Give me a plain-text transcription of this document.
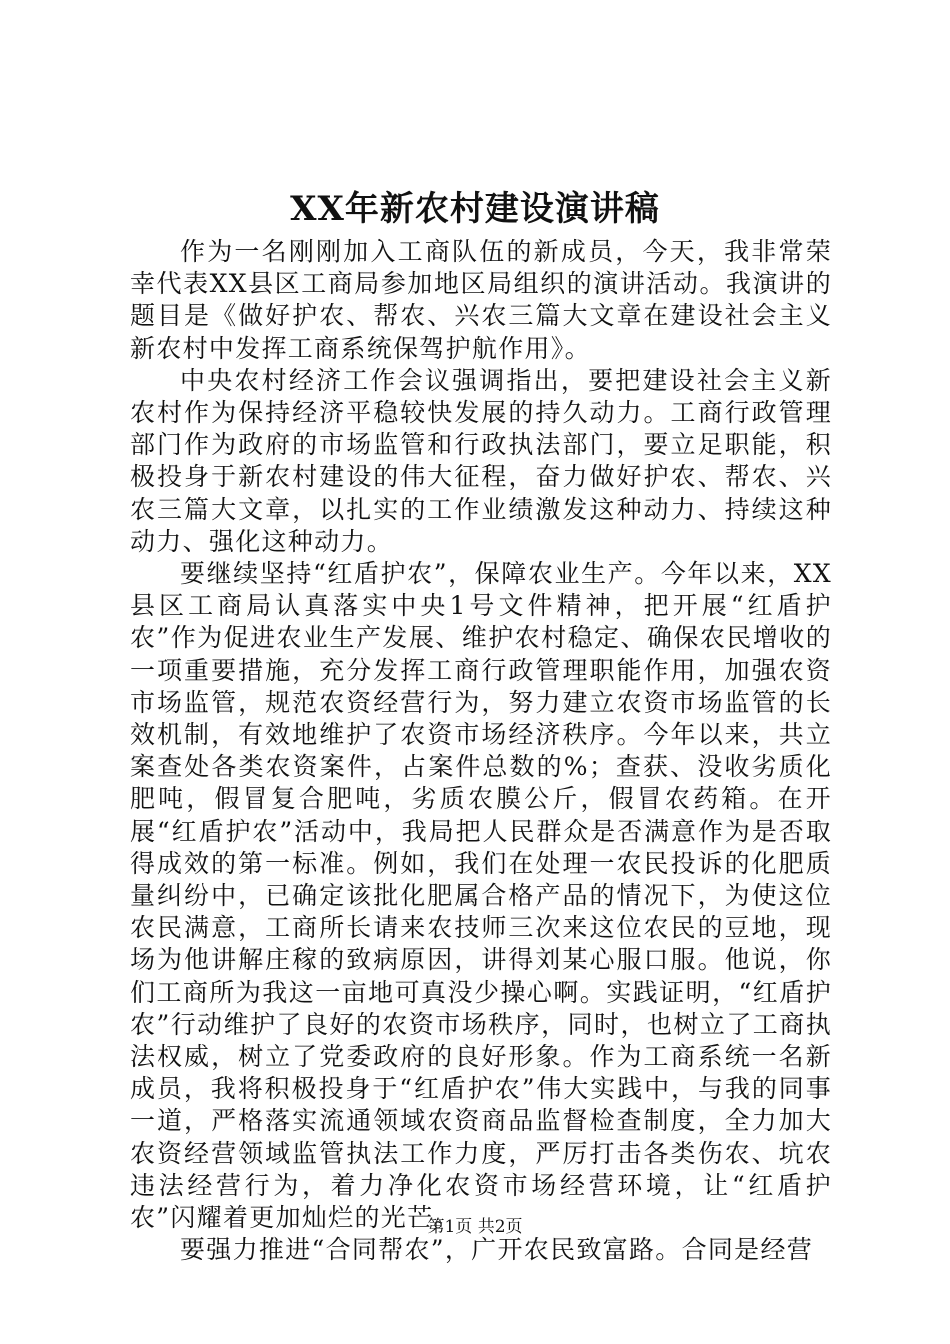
XX年新农村建设演讲稿

作为一名刚刚加入工商队伍的新成员，今天，我非常荣幸代表XX县区工商局参加地区局组织的演讲活动。我演讲的题目是《做好护农、帮农、兴农三篇大文章在建设社会主义新农村中发挥工商系统保驾护航作用》。

中央农村经济工作会议强调指出，要把建设社会主义新农村作为保持经济平稳较快发展的持久动力。工商行政管理部门作为政府的市场监管和行政执法部门，要立足职能，积极投身于新农村建设的伟大征程，奋力做好护农、帮农、兴农三篇大文章，以扎实的工作业绩激发这种动力、持续这种动力、强化这种动力。

要继续坚持“红盾护农”，保障农业生产。今年以来，XX县区工商局认真落实中央1号文件精神，把开展“红盾护农”作为促进农业生产发展、维护农村稳定、确保农民增收的一项重要措施，充分发挥工商行政管理职能作用，加强农资市场监管，规范农资经营行为，努力建立农资市场监管的长效机制，有效地维护了农资市场经济秩序。今年以来，共立案查处各类农资案件，占案件总数的%；查获、没收劣质化肥吨，假冒复合肥吨，劣质农膜公斤，假冒农药箱。在开展“红盾护农”活动中，我局把人民群众是否满意作为是否取得成效的第一标准。例如，我们在处理一农民投诉的化肥质量纠纷中，已确定该批化肥属合格产品的情况下，为使这位农民满意，工商所长请来农技师三次来这位农民的豆地，现场为他讲解庄稼的致病原因，讲得刘某心服口服。他说，你们工商所为我这一亩地可真没少操心啊。实践证明，“红盾护农”行动维护了良好的农资市场秩序，同时，也树立了工商执法权威，树立了党委政府的良好形象。作为工商系统一名新成员，我将积极投身于“红盾护农”伟大实践中，与我的同事一道，严格落实流通领域农资商品监督检查制度，全力加大农资经营领域监管执法工作力度，严厉打击各类伤农、坑农违法经营行为，着力净化农资市场经营环境，让“红盾护农”闪耀着更加灿烂的光芒。

要强力推进“合同帮农”，广开农民致富路。合同是经营

第1页 共2页
